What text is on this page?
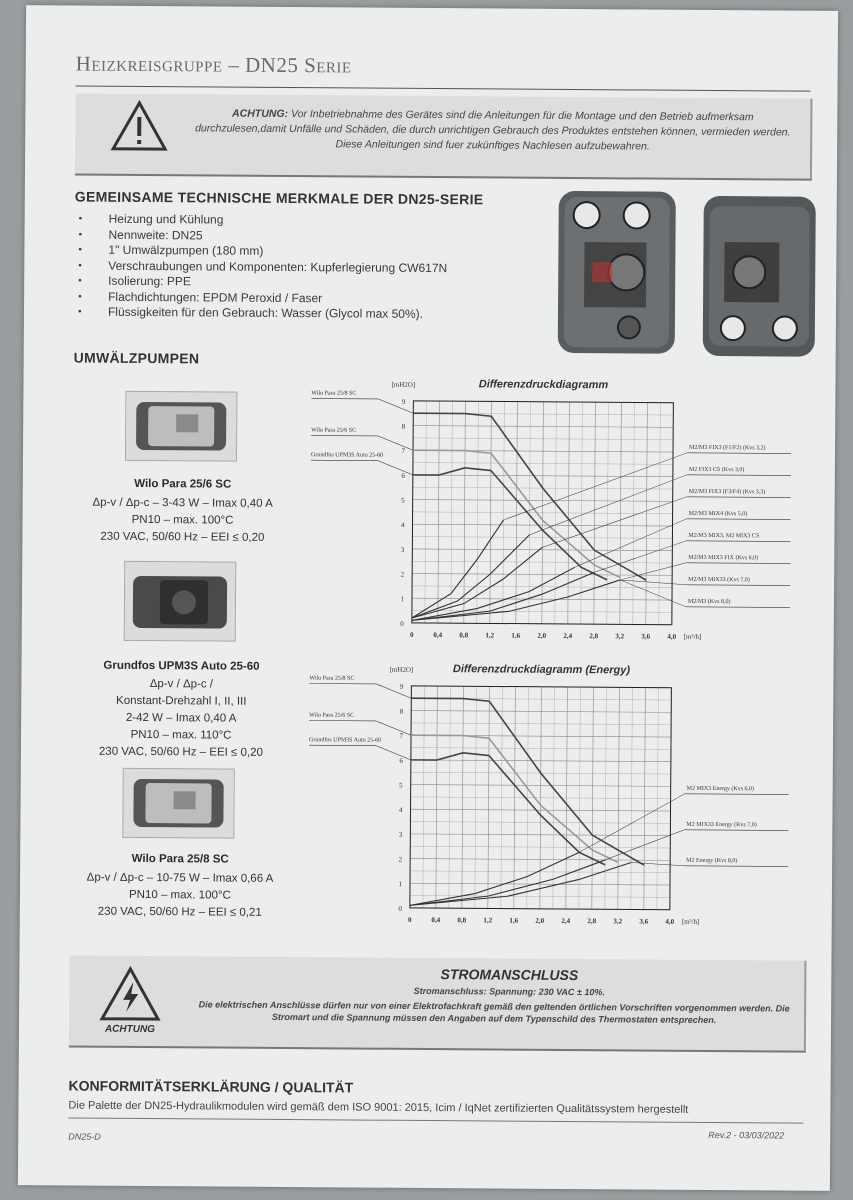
Heizkreisgruppe – DN25 Serie
ACHTUNG: Vor Inbetriebnahme des Gerätes sind die Anleitungen für die Montage und den Betrieb aufmerksam durchzulesen,damit Unfälle und Schäden, die durch unrichtigen Gebrauch des Produktes entstehen können, vermieden werden. Diese Anleitungen sind fuer zukünftiges Nachlesen aufzubewahren.
GEMEINSAME TECHNISCHE MERKMALE DER DN25-SERIE
• Heizung und Kühlung
• Nennweite: DN25
• 1" Umwälzpumpen (180 mm)
• Verschraubungen und Komponenten: Kupferlegierung CW617N
• Isolierung: PPE
• Flachdichtungen: EPDM Peroxid / Faser
• Flüssigkeiten für den Gebrauch: Wasser (Glycol max 50%).
UMWÄLZPUMPEN
Wilo Para 25/6 SC
Δp-v / Δp-c – 3-43 W – Imax 0,40 A
PN10 – max. 100°C
230 VAC, 50/60 Hz – EEI ≤ 0,20
Grundfos UPM3S Auto 25-60
Δp-v / Δp-c /
Konstant-Drehzahl I, II, III
2-42 W – Imax 0,40 A
PN10 – max. 110°C
230 VAC, 50/60 Hz – EEI ≤ 0,20
Wilo Para 25/8 SC
Δp-v / Δp-c – 10-75 W – Imax 0,66 A
PN10 – max. 100°C
230 VAC, 50/60 Hz – EEI ≤ 0,21
Differenzdruckdiagramm
[mH2O]
[m³/h]
0	0,4 0,8 1,2 1,6 2,0 2,4 2,8 3,2 3,6 4,0
0
1
2
3
4
5
6
7
8
9
Wilo Para 25/8 SC
Wilo Para 25/6 SC
Grundfos UPM3S Auto 25-60
M2/M3 FIX3 (F1/F2) (Kvs 3,2)
M2 FIX3 CS (Kvs 3,0)
M2/M3 FIX3 (F3/F4) (Kvs 3,3)
M2/M3 MIX4 (Kvs 5,0)
M2/M3 MIX3, M2 MIX3 CS
M2/M3 MIX3 FIX (Kvs 6,0)
M2/M3 MIX33 (Kvs 7,0)
M2/M3 (Kvs 8,0)
Differenzdruckdiagramm (Energy)
[mH2O]
[m³/h]
0	0,4 0,8 1,2 1,6 2,0 2,4 2,8 3,2 3,6 4,0
0
1
2
3
4
5
6
7
8
9
Wilo Para 25/8 SC
Wilo Para 25/6 SC
Grundfos UPM3S Auto 25-60
M2 MIX3 Energy (Kvs 6,0)
M2 MIX33 Energy (Kvs 7,0)
M2 Energy (Kvs 8,0)
ACHTUNG
STROMANSCHLUSS
Stromanschluss: Spannung: 230 VAC ± 10%.
Die elektrischen Anschlüsse dürfen nur von einer Elektrofachkraft gemäß den geltenden örtlichen Vorschriften vorgenommen werden. Die Stromart und die Spannung müssen den Angaben auf dem Typenschild des Thermostaten entsprechen.
KONFORMITÄTSERKLÄRUNG / QUALITÄT
Die Palette der DN25-Hydraulikmodulen wird gemäß dem ISO 9001: 2015, Icim / IqNet zertifizierten Qualitätssystem hergestellt
DN25-D	Rev.2 - 03/03/2022
